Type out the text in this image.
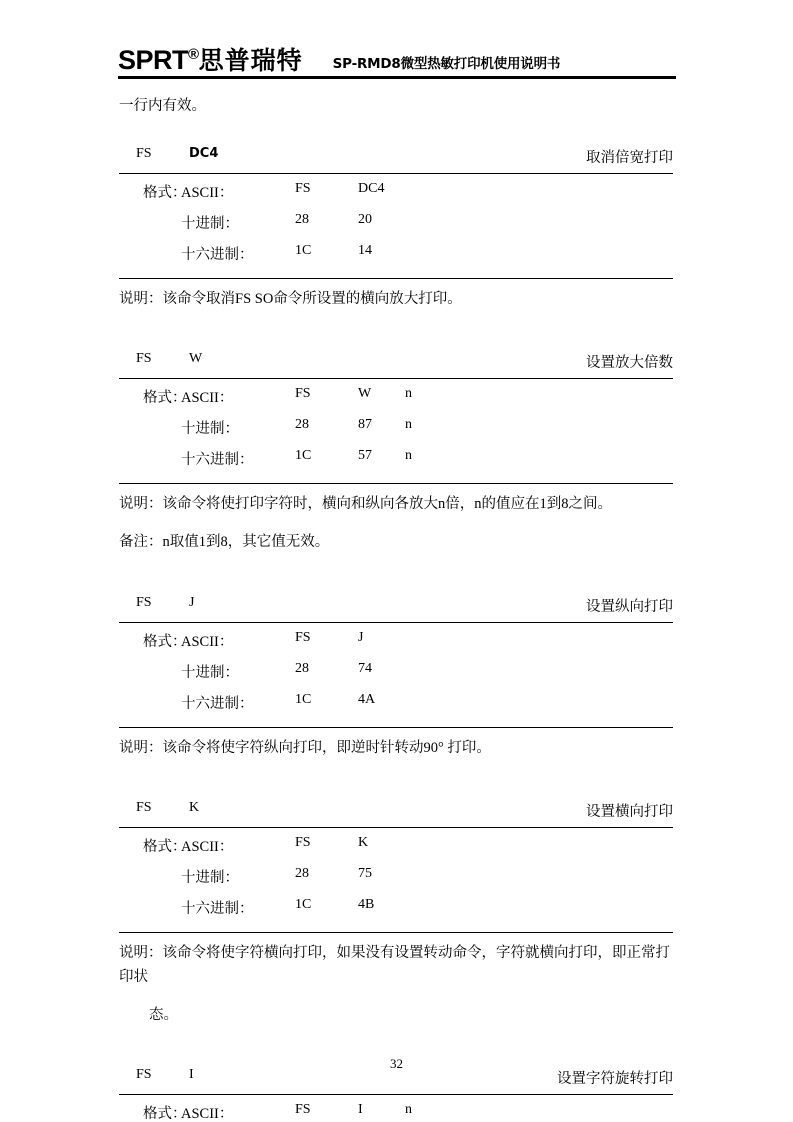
SPRT®思普瑞特 SP-RMD8微型热敏打印机使用说明书

一行内有效。

FS	DC4	取消倍宽打印
格式：
ASCII：	FS	DC4
十进制：	28	20
十六进制：	1C	14

说明：该命令取消FS SO命令所设置的横向放大打印。

FS	W	设置放大倍数
格式：
ASCII：	FS	W n
十进制：	28	87 n
十六进制：	1C	57 n

说明：该命令将使打印字符时，横向和纵向各放大n倍，n的值应在1到8之间。

备注：n取值1到8，其它值无效。

FS	J	设置纵向打印
格式：
ASCII：	FS	J
十进制：	28	74
十六进制：	1C	4A

说明：该命令将使字符纵向打印，即逆时针转动90° 打印。

FS	K	设置横向打印
格式：
ASCII：	FS	K
十进制：	28	75
十六进制：	1C	4B

说明：该命令将使字符横向打印，如果没有设置转动命令，字符就横向打印，即正常打印状

态。

FS	I	设置字符旋转打印
格式：
ASCII：	FS	I	n
32
